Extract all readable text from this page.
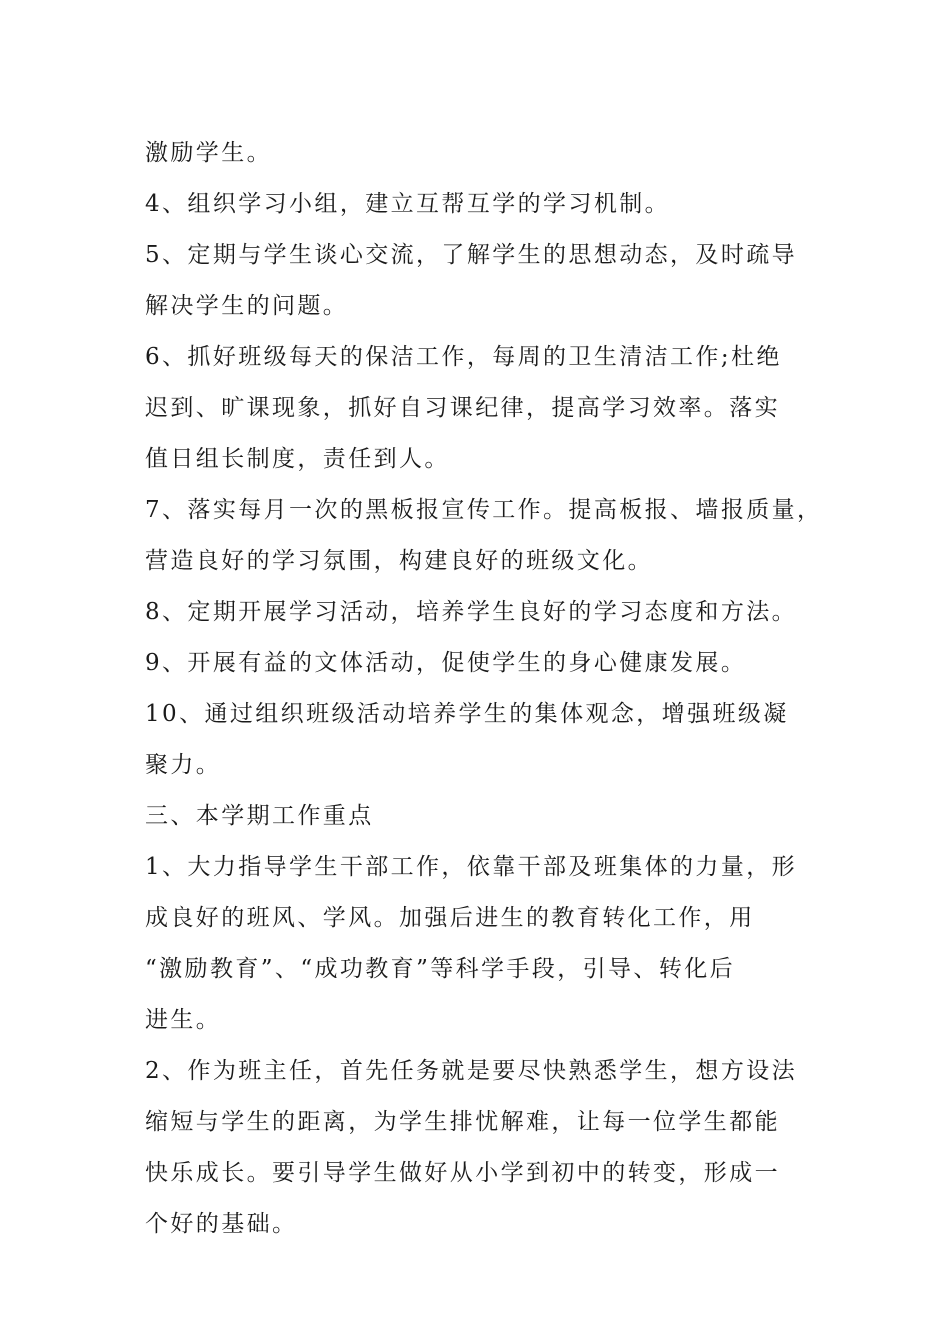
激励学生。
4、组织学习小组，建立互帮互学的学习机制。
5、定期与学生谈心交流，了解学生的思想动态，及时疏导
解决学生的问题。
6、抓好班级每天的保洁工作，每周的卫生清洁工作;杜绝
迟到、旷课现象，抓好自习课纪律，提高学习效率。落实
值日组长制度，责任到人。
7、落实每月一次的黑板报宣传工作。提高板报、墙报质量，
营造良好的学习氛围，构建良好的班级文化。
8、定期开展学习活动，培养学生良好的学习态度和方法。
9、开展有益的文体活动，促使学生的身心健康发展。
10、通过组织班级活动培养学生的集体观念，增强班级凝
聚力。
三、本学期工作重点
1、大力指导学生干部工作，依靠干部及班集体的力量，形
成良好的班风、学风。加强后进生的教育转化工作，用
“激励教育”、“成功教育”等科学手段，引导、转化后
进生。
2、作为班主任，首先任务就是要尽快熟悉学生，想方设法
缩短与学生的距离，为学生排忧解难，让每一位学生都能
快乐成长。要引导学生做好从小学到初中的转变，形成一
个好的基础。
